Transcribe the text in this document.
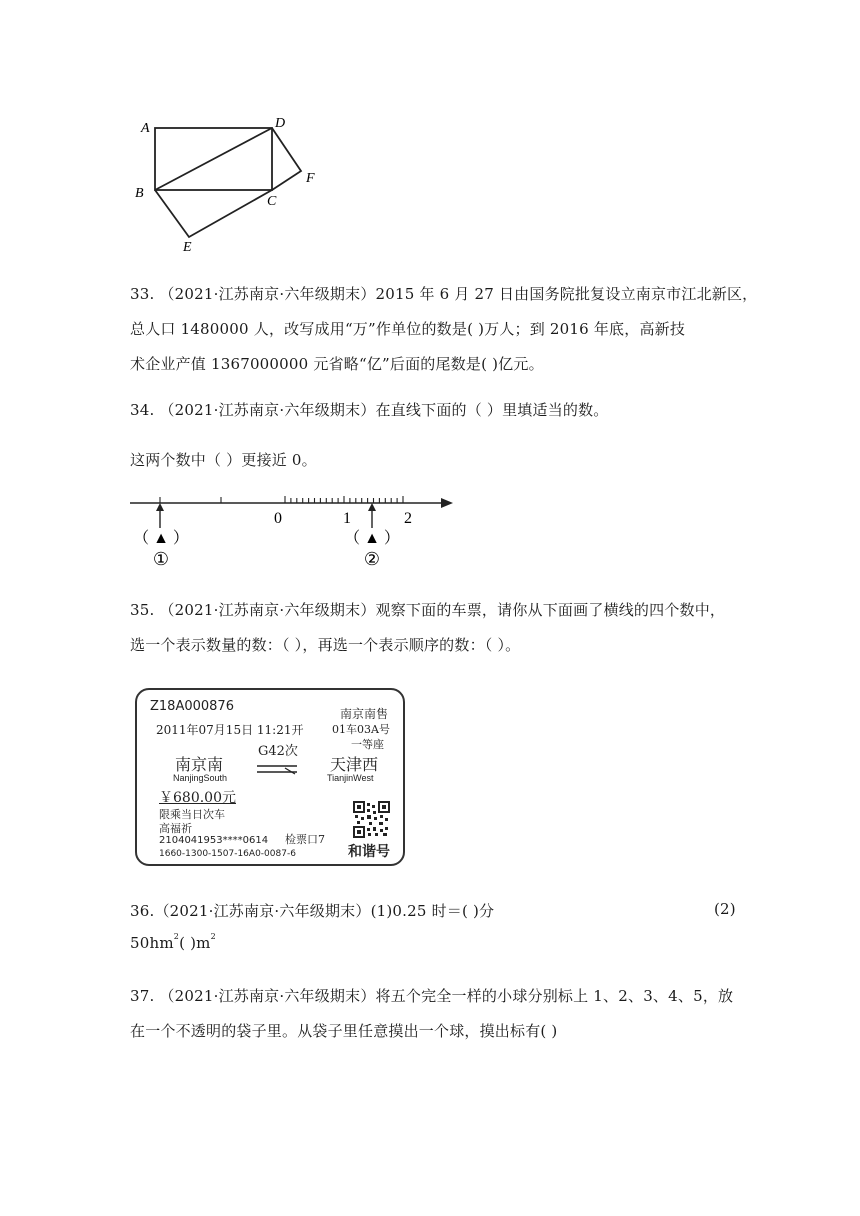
A	D
B
C
F
E
33. （2021·江苏南京·六年级期末）2015 年 6 月 27 日由国务院批复设立南京市江北新区，
总人口 1480000 人，改写成用“万”作单位的数是( )万人；到 2016 年底，高新技
术企业产值 1367000000 元省略“亿”后面的尾数是( )亿元。
34. （2021·江苏南京·六年级期末）在直线下面的（ ）里填适当的数。
这两个数中（ ）更接近 0。
0	1	2
（ ▲ ）	（ ▲ ）
①	②
35. （2021·江苏南京·六年级期末）观察下面的车票，请你从下面画了横线的四个数中，
选一个表示数量的数：（ ），再选一个表示顺序的数：（ ）。
Z18A000876
2011年07月15日 11:21开
南京南售
01车03A号
一等座
G42次
南京南
NanjingSouth
天津西
TianjinWest
￥680.00元
限乘当日次车
高福祈
2104041953****0614 检票口7
和谐号
1660-1300-1507-16A0-0087-6
36.（2021·江苏南京·六年级期末）(1)0.25 时＝( )分	(2)
$50hm^2$( )$m^2$
37. （2021·江苏南京·六年级期末）将五个完全一样的小球分别标上 1、2、3、4、5，放
在一个不透明的袋子里。从袋子里任意摸出一个球，摸出标有( )
